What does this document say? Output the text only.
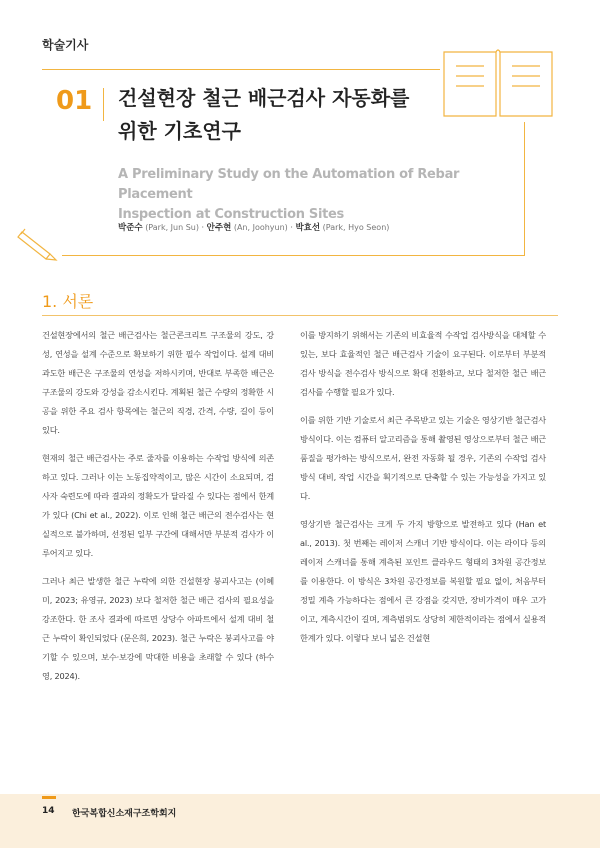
학술기사
01 건설현장 철근 배근검사 자동화를
위한 기초연구

A Preliminary Study on the Automation of Rebar Placement
Inspection at Construction Sites

박준수 (Park, Jun Su) · 안주현 (An, Joohyun) · 박효선 (Park, Hyo Seon)
1. 서론

건설현장에서의 철근 배근검사는 철근콘크리트 구조물의 강도, 강성, 연성을 설계 수준으로 확보하기 위한 필수 작업이다. 설계 대비 과도한 배근은 구조물의 연성을 저하시키며, 반대로 부족한 배근은 구조물의 강도와 강성을 감소시킨다. 계획된 철근 수량의 정확한 시공을 위한 주요 검사 항목에는 철근의 직경, 간격, 수량, 길이 등이 있다.

현재의 철근 배근검사는 주로 줄자를 이용하는 수작업 방식에 의존하고 있다. 그러나 이는 노동집약적이고, 많은 시간이 소요되며, 검사자 숙련도에 따라 결과의 정확도가 달라질 수 있다는 점에서 한계가 있다 (Chi et al., 2022). 이로 인해 철근 배근의 전수검사는 현실적으로 불가하며, 선정된 일부 구간에 대해서만 부분적 검사가 이루어지고 있다.

그러나 최근 발생한 철근 누락에 의한 건설현장 붕괴사고는 (이혜미, 2023; 유영규, 2023) 보다 철저한 철근 배근 검사의 필요성을 강조한다. 한 조사 결과에 따르면 상당수 아파트에서 설계 대비 철근 누락이 확인되었다 (문은희, 2023). 철근 누락은 붕괴사고를 야기할 수 있으며, 보수·보강에 막대한 비용을 초래할 수 있다 (하수영, 2024).

이를 방지하기 위해서는 기존의 비효율적 수작업 검사방식을 대체할 수 있는, 보다 효율적인 철근 배근검사 기술이 요구된다. 이로부터 부분적 검사 방식을 전수검사 방식으로 확대 전환하고, 보다 철저한 철근 배근검사를 수행할 필요가 있다.

이를 위한 기반 기술로서 최근 주목받고 있는 기술은 영상기반 철근검사 방식이다. 이는 컴퓨터 알고리즘을 통해 촬영된 영상으로부터 철근 배근 품질을 평가하는 방식으로서, 완전 자동화 될 경우, 기존의 수작업 검사 방식 대비, 작업 시간을 획기적으로 단축할 수 있는 가능성을 가지고 있다.

영상기반 철근검사는 크게 두 가지 방향으로 발전하고 있다 (Han et al., 2013). 첫 번째는 레이저 스캐너 기반 방식이다. 이는 라이다 등의 레이저 스캐너를 통해 계측된 포인트 클라우드 형태의 3차원 공간정보를 이용한다. 이 방식은 3차원 공간정보를 복원할 필요 없이, 처음부터 정밀 계측 가능하다는 점에서 큰 강점을 갖지만, 장비가격이 매우 고가이고, 계측시간이 길며, 계측범위도 상당히 제한적이라는 점에서 실용적 한계가 있다. 이렇다 보니 넓은 건설현

14 한국복합신소재구조학회지
